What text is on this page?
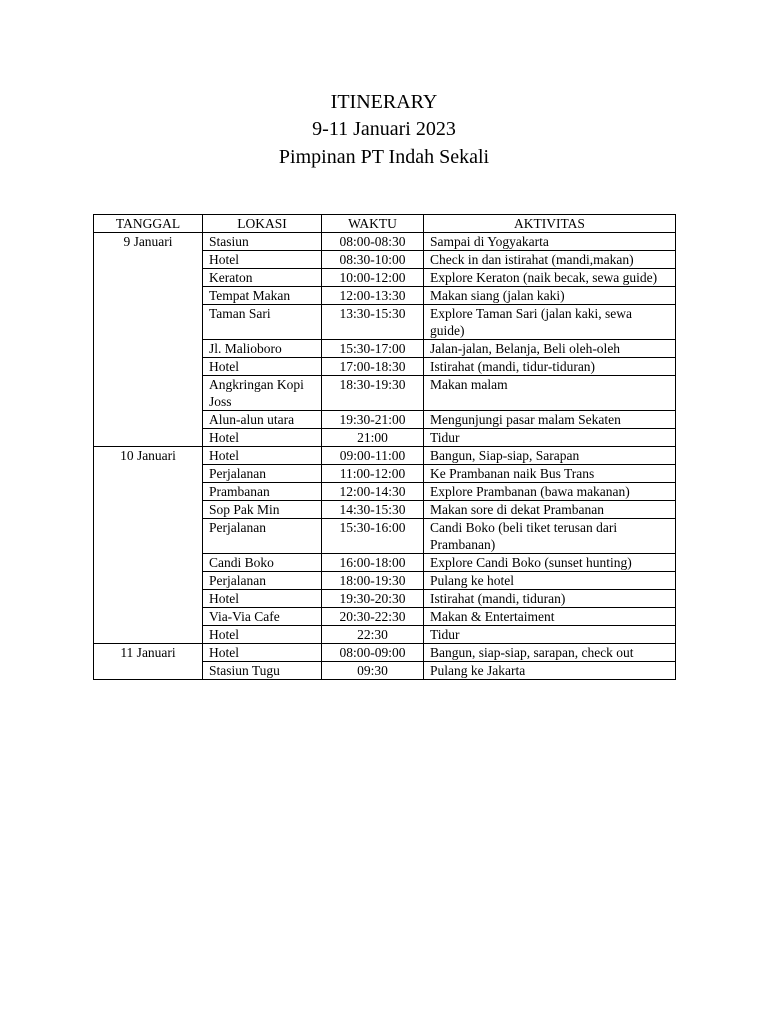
ITINERARY
9-11 Januari 2023
Pimpinan PT Indah Sekali
TANGGAL	LOKASI	WAKTU	AKTIVITAS
9 Januari	Stasiun	08:00-08:30	Sampai di Yogyakarta
	Hotel	08:30-10:00	Check in dan istirahat (mandi,makan)
	Keraton	10:00-12:00	Explore Keraton (naik becak, sewa guide)
	Tempat Makan	12:00-13:30	Makan siang (jalan kaki)
	Taman Sari	13:30-15:30	Explore Taman Sari (jalan kaki, sewa guide)
	Jl. Malioboro	15:30-17:00	Jalan-jalan, Belanja, Beli oleh-oleh
	Hotel	17:00-18:30	Istirahat (mandi, tidur-tiduran)
	Angkringan Kopi Joss	18:30-19:30	Makan malam
	Alun-alun utara	19:30-21:00	Mengunjungi pasar malam Sekaten
	Hotel	21:00	Tidur
10 Januari	Hotel	09:00-11:00	Bangun, Siap-siap, Sarapan
	Perjalanan	11:00-12:00	Ke Prambanan naik Bus Trans
	Prambanan	12:00-14:30	Explore Prambanan (bawa makanan)
	Sop Pak Min	14:30-15:30	Makan sore di dekat Prambanan
	Perjalanan	15:30-16:00	Candi Boko (beli tiket terusan dari Prambanan)
	Candi Boko	16:00-18:00	Explore Candi Boko (sunset hunting)
	Perjalanan	18:00-19:30	Pulang ke hotel
	Hotel	19:30-20:30	Istirahat (mandi, tiduran)
	Via-Via Cafe	20:30-22:30	Makan & Entertaiment
	Hotel	22:30	Tidur
11 Januari	Hotel	08:00-09:00	Bangun, siap-siap, sarapan, check out
	Stasiun Tugu	09:30	Pulang ke Jakarta
